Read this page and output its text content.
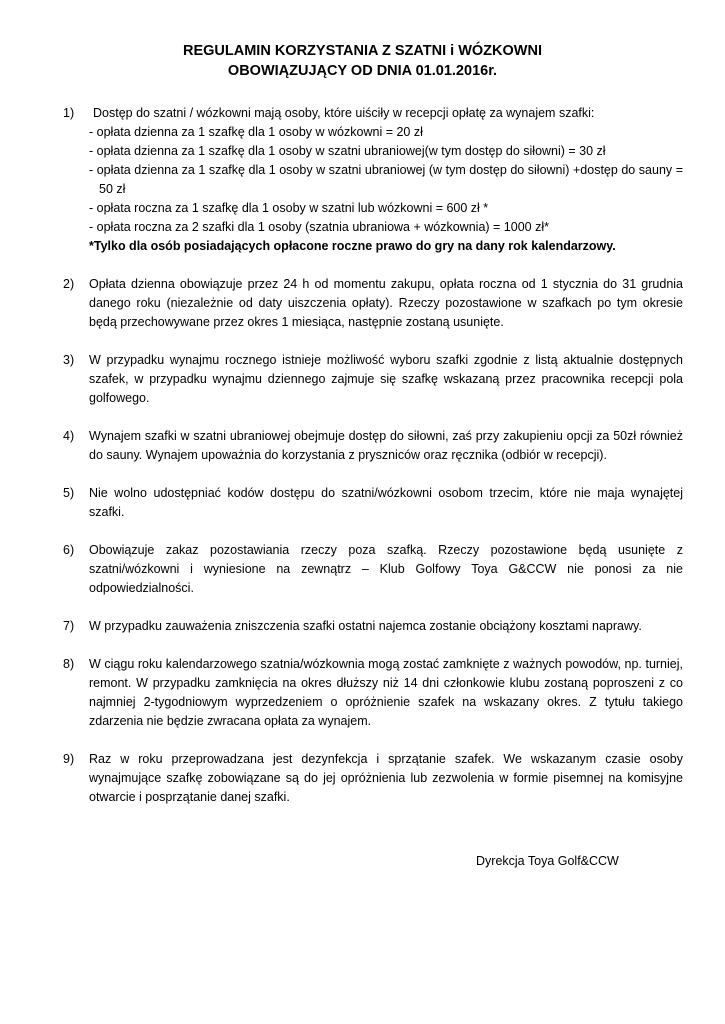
REGULAMIN KORZYSTANIA Z SZATNI i WÓZKOWNI
OBOWIĄZUJĄCY OD DNIA 01.01.2016r.
1)	Dostęp do szatni / wózkowni mają osoby, które uiściły w recepcji opłatę za wynajem szafki:
- opłata dzienna za 1 szafkę dla 1 osoby w wózkowni = 20 zł
- opłata dzienna za 1 szafkę dla 1 osoby w szatni ubraniowej(w tym dostęp do siłowni) = 30 zł
- opłata dzienna za 1 szafkę dla 1 osoby w szatni ubraniowej (w tym dostęp do siłowni) +dostęp do sauny = 50 zł
- opłata roczna za 1 szafkę dla 1 osoby w szatni lub wózkowni = 600 zł *
- opłata roczna za 2 szafki dla 1 osoby (szatnia ubraniowa + wózkownia) = 1000 zł*
*Tylko dla osób posiadających opłacone roczne prawo do gry na dany rok kalendarzowy.
2) Opłata dzienna obowiązuje przez 24 h od momentu zakupu, opłata roczna od 1 stycznia do 31 grudnia danego roku (niezależnie od daty uiszczenia opłaty). Rzeczy pozostawione w szafkach po tym okresie będą przechowywane przez okres 1 miesiąca, następnie zostaną usunięte.
3) W przypadku wynajmu rocznego istnieje możliwość wyboru szafki zgodnie z listą aktualnie dostępnych szafek, w przypadku wynajmu dziennego zajmuje się szafkę wskazaną przez pracownika recepcji pola golfowego.
4) Wynajem szafki w szatni ubraniowej obejmuje dostęp do siłowni, zaś przy zakupieniu opcji za 50zł również do sauny. Wynajem upoważnia do korzystania z pryszniców oraz ręcznika (odbiór w recepcji).
5) Nie wolno udostępniać kodów dostępu do szatni/wózkowni osobom trzecim, które nie maja wynajętej szafki.
6) Obowiązuje zakaz pozostawiania rzeczy poza szafką. Rzeczy pozostawione będą usunięte z szatni/wózkowni i wyniesione na zewnątrz – Klub Golfowy Toya G&CCW nie ponosi za nie odpowiedzialności.
7) W przypadku zauważenia zniszczenia szafki ostatni najemca zostanie obciążony kosztami naprawy.
8) W ciągu roku kalendarzowego szatnia/wózkownia mogą zostać zamknięte z ważnych powodów, np. turniej, remont. W przypadku zamknięcia na okres dłuższy niż 14 dni członkowie klubu zostaną poproszeni z co najmniej 2-tygodniowym wyprzedzeniem o opróżnienie szafek na wskazany okres. Z tytułu takiego zdarzenia nie będzie zwracana opłata za wynajem.
9) Raz w roku przeprowadzana jest dezynfekcja i sprzątanie szafek. We wskazanym czasie osoby wynajmujące szafkę zobowiązane są do jej opróżnienia lub zezwolenia w formie pisemnej na komisyjne otwarcie i posprzątanie danej szafki.
Dyrekcja Toya Golf&CCW
